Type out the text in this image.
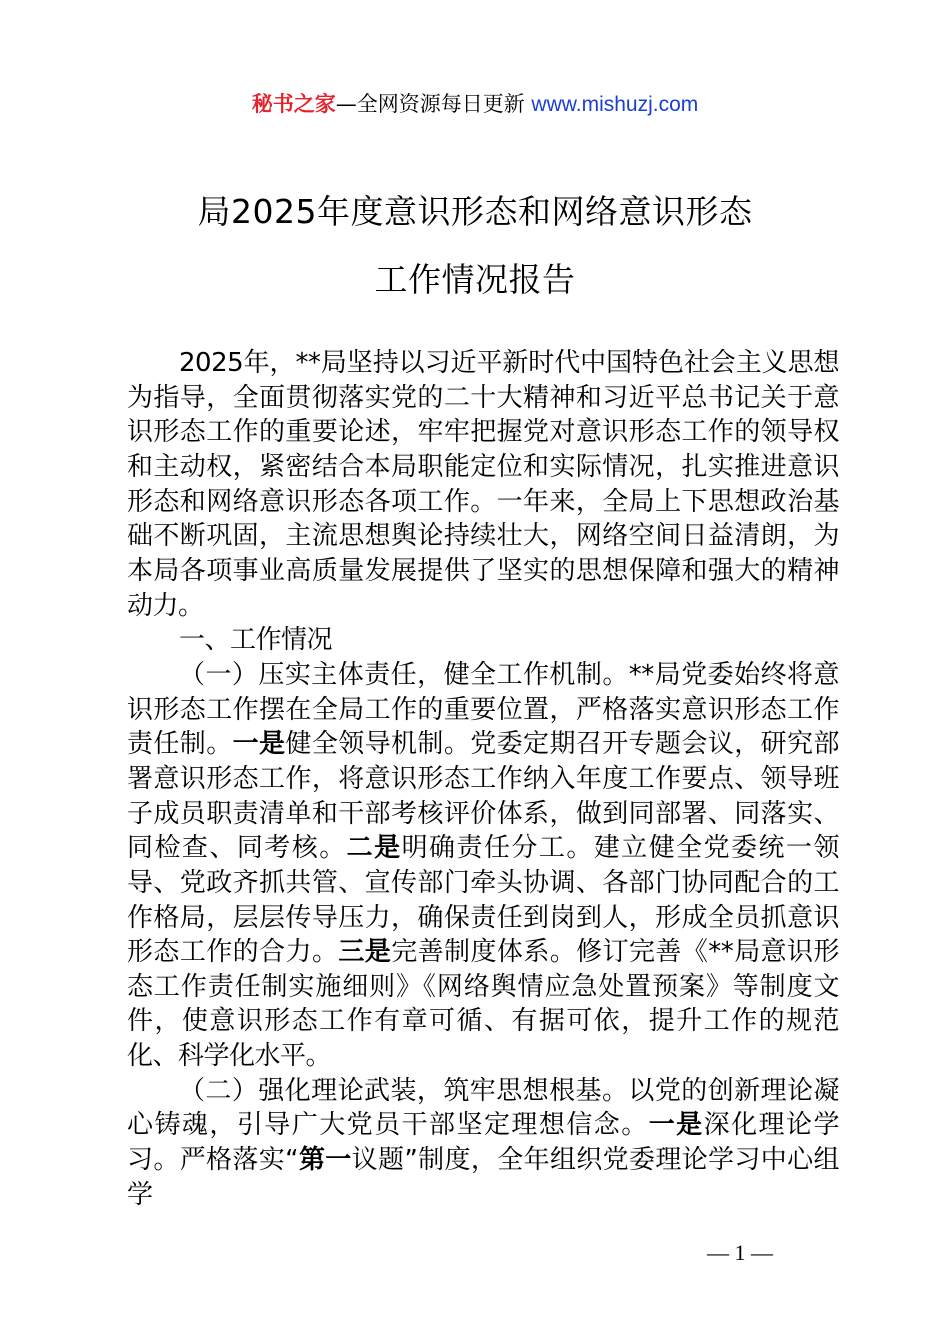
秘书之家—全网资源每日更新 www.mishuzj.com
局2025年度意识形态和网络意识形态
工作情况报告

2025年，**局坚持以习近平新时代中国特色社会主义思想为指导，全面贯彻落实党的二十大精神和习近平总书记关于意识形态工作的重要论述，牢牢把握党对意识形态工作的领导权和主动权，紧密结合本局职能定位和实际情况，扎实推进意识形态和网络意识形态各项工作。一年来，全局上下思想政治基础不断巩固，主流思想舆论持续壮大，网络空间日益清朗，为本局各项事业高质量发展提供了坚实的思想保障和强大的精神动力。

一、工作情况

（一）压实主体责任，健全工作机制。**局党委始终将意识形态工作摆在全局工作的重要位置，严格落实意识形态工作责任制。一是健全领导机制。党委定期召开专题会议，研究部署意识形态工作，将意识形态工作纳入年度工作要点、领导班子成员职责清单和干部考核评价体系，做到同部署、同落实、同检查、同考核。二是明确责任分工。建立健全党委统一领导、党政齐抓共管、宣传部门牵头协调、各部门协同配合的工作格局，层层传导压力，确保责任到岗到人，形成全员抓意识形态工作的合力。三是完善制度体系。修订完善《**局意识形态工作责任制实施细则》《网络舆情应急处置预案》等制度文件，使意识形态工作有章可循、有据可依，提升工作的规范化、科学化水平。

（二）强化理论武装，筑牢思想根基。以党的创新理论凝心铸魂，引导广大党员干部坚定理想信念。一是深化理论学习。严格落实“第一议题”制度，全年组织党委理论学习中心组学

— 1 —
